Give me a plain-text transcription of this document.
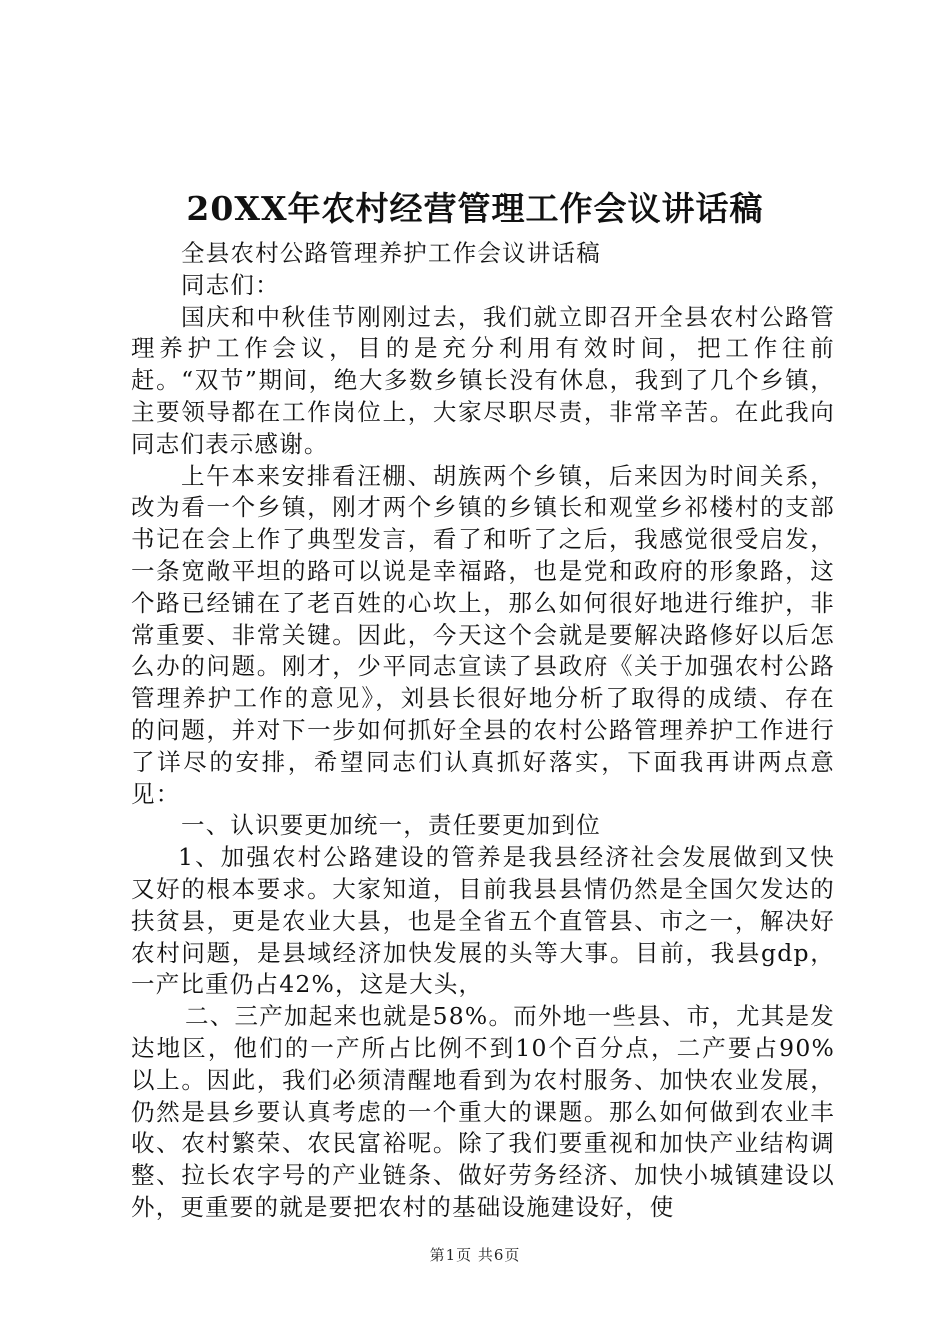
20XX年农村经营管理工作会议讲话稿

全县农村公路管理养护工作会议讲话稿

同志们：

国庆和中秋佳节刚刚过去，我们就立即召开全县农村公路管理养护工作会议，目的是充分利用有效时间，把工作往前赶。“双节”期间，绝大多数乡镇长没有休息，我到了几个乡镇，主要领导都在工作岗位上，大家尽职尽责，非常辛苦。在此我向同志们表示感谢。

上午本来安排看汪棚、胡族两个乡镇，后来因为时间关系，改为看一个乡镇，刚才两个乡镇的乡镇长和观堂乡祁楼村的支部书记在会上作了典型发言，看了和听了之后，我感觉很受启发，一条宽敞平坦的路可以说是幸福路，也是党和政府的形象路，这个路已经铺在了老百姓的心坎上，那么如何很好地进行维护，非常重要、非常关键。因此，今天这个会就是要解决路修好以后怎么办的问题。刚才，少平同志宣读了县政府《关于加强农村公路管理养护工作的意见》，刘县长很好地分析了取得的成绩、存在的问题，并对下一步如何抓好全县的农村公路管理养护工作进行了详尽的安排，希望同志们认真抓好落实，下面我再讲两点意见：

一、认识要更加统一，责任要更加到位

1、加强农村公路建设的管养是我县经济社会发展做到又快又好的根本要求。大家知道，目前我县县情仍然是全国欠发达的扶贫县，更是农业大县，也是全省五个直管县、市之一，解决好农村问题，是县域经济加快发展的头等大事。目前，我县gdp，一产比重仍占42%，这是大头，

二、三产加起来也就是58%。而外地一些县、市，尤其是发达地区，他们的一产所占比例不到10个百分点，二产要占90%以上。因此，我们必须清醒地看到为农村服务、加快农业发展，仍然是县乡要认真考虑的一个重大的课题。那么如何做到农业丰收、农村繁荣、农民富裕呢。除了我们要重视和加快产业结构调整、拉长农字号的产业链条、做好劳务经济、加快小城镇建设以外，更重要的就是要把农村的基础设施建设好，使

第1页 共6页
